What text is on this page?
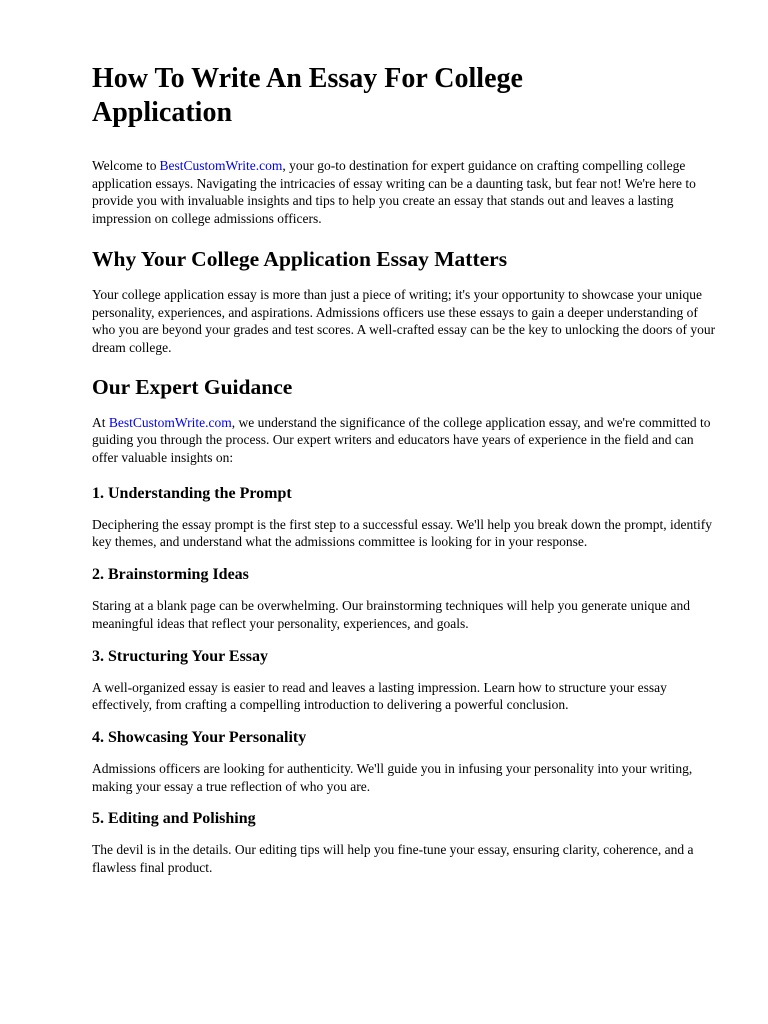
How To Write An Essay For College
Application

Welcome to BestCustomWrite.com, your go-to destination for expert guidance on crafting compelling college application essays. Navigating the intricacies of essay writing can be a daunting task, but fear not! We're here to provide you with invaluable insights and tips to help you create an essay that stands out and leaves a lasting impression on college admissions officers.

Why Your College Application Essay Matters

Your college application essay is more than just a piece of writing; it's your opportunity to showcase your unique personality, experiences, and aspirations. Admissions officers use these essays to gain a deeper understanding of who you are beyond your grades and test scores. A well-crafted essay can be the key to unlocking the doors of your dream college.

Our Expert Guidance

At BestCustomWrite.com, we understand the significance of the college application essay, and we're committed to guiding you through the process. Our expert writers and educators have years of experience in the field and can offer valuable insights on:

1. Understanding the Prompt

Deciphering the essay prompt is the first step to a successful essay. We'll help you break down the prompt, identify key themes, and understand what the admissions committee is looking for in your response.

2. Brainstorming Ideas

Staring at a blank page can be overwhelming. Our brainstorming techniques will help you generate unique and meaningful ideas that reflect your personality, experiences, and goals.

3. Structuring Your Essay

A well-organized essay is easier to read and leaves a lasting impression. Learn how to structure your essay effectively, from crafting a compelling introduction to delivering a powerful conclusion.

4. Showcasing Your Personality

Admissions officers are looking for authenticity. We'll guide you in infusing your personality into your writing, making your essay a true reflection of who you are.

5. Editing and Polishing

The devil is in the details. Our editing tips will help you fine-tune your essay, ensuring clarity, coherence, and a flawless final product.
